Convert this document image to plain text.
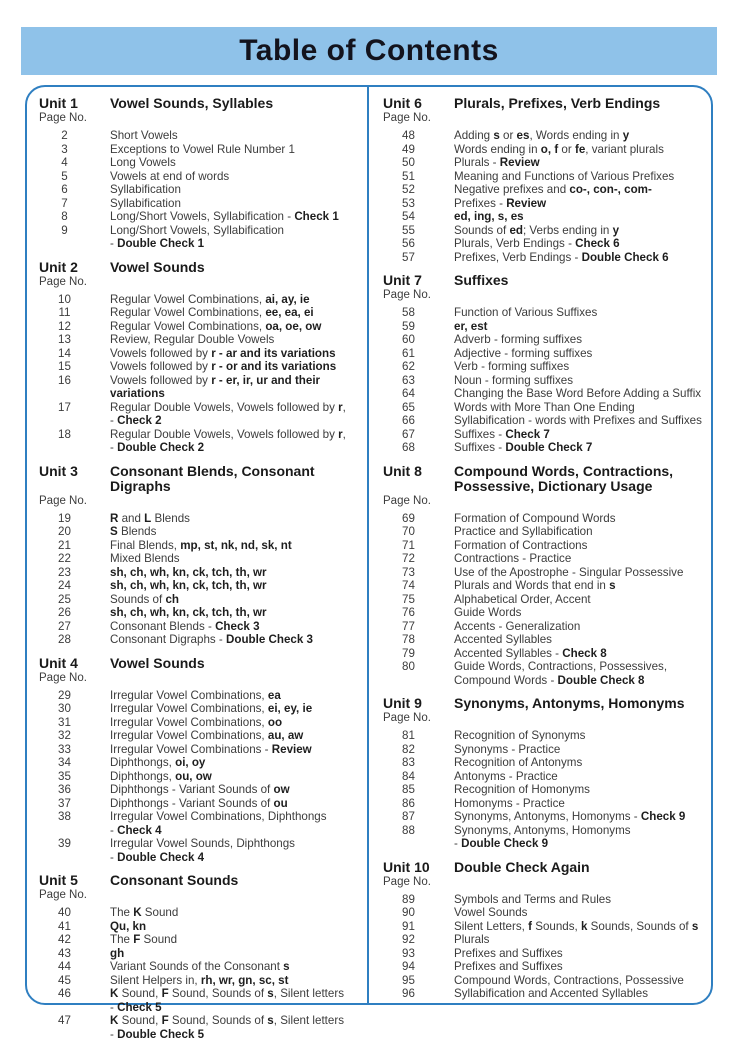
Table of Contents
Unit 1	Vowel Sounds, Syllables
Page No.
2	Short Vowels
3	Exceptions to Vowel Rule Number 1
4	Long Vowels
5	Vowels at end of words
6	Syllabification
7	Syllabification
8	Long/Short Vowels, Syllabification - Check 1
9	Long/Short Vowels, Syllabification
- Double Check 1
Unit 2	Vowel Sounds
Page No.
10	Regular Vowel Combinations, ai, ay, ie
11	Regular Vowel Combinations, ee, ea, ei
12	Regular Vowel Combinations, oa, oe, ow
13	Review, Regular Double Vowels
14	Vowels followed by r - ar and its variations
15	Vowels followed by r - or and its variations
16	Vowels followed by r - er, ir, ur and their
variations
17	Regular Double Vowels, Vowels followed by r,
- Check 2
18	Regular Double Vowels, Vowels followed by r,
- Double Check 2
Unit 3	Consonant Blends, Consonant Digraphs
Page No.
19	R and L Blends
20	S Blends
21	Final Blends, mp, st, nk, nd, sk, nt
22	Mixed Blends
23	sh, ch, wh, kn, ck, tch, th, wr
24	sh, ch, wh, kn, ck, tch, th, wr
25	Sounds of ch
26	sh, ch, wh, kn, ck, tch, th, wr
27	Consonant Blends - Check 3
28	Consonant Digraphs - Double Check 3
Unit 4	Vowel Sounds
Page No.
29	Irregular Vowel Combinations, ea
30	Irregular Vowel Combinations, ei, ey, ie
31	Irregular Vowel Combinations, oo
32	Irregular Vowel Combinations, au, aw
33	Irregular Vowel Combinations - Review
34	Diphthongs, oi, oy
35	Diphthongs, ou, ow
36	Diphthongs - Variant Sounds of ow
37	Diphthongs - Variant Sounds of ou
38	Irregular Vowel Combinations, Diphthongs
- Check 4
39	Irregular Vowel Sounds, Diphthongs
- Double Check 4
Unit 5	Consonant Sounds
Page No.
40	The K Sound
41	Qu, kn
42	The F Sound
43	gh
44	Variant Sounds of the Consonant s
45	Silent Helpers in, rh, wr, gn, sc, st
46	K Sound, F Sound, Sounds of s, Silent letters
- Check 5
47	K Sound, F Sound, Sounds of s, Silent letters
- Double Check 5
Unit 6	Plurals, Prefixes, Verb Endings
Page No.
48	Adding s or es, Words ending in y
49	Words ending in o, f or fe, variant plurals
50	Plurals - Review
51	Meaning and Functions of Various Prefixes
52	Negative prefixes and co-, con-, com-
53	Prefixes - Review
54	ed, ing, s, es
55	Sounds of ed; Verbs ending in y
56	Plurals, Verb Endings - Check 6
57	Prefixes, Verb Endings - Double Check 6
Unit 7	Suffixes
Page No.
58	Function of Various Suffixes
59	er, est
60	Adverb - forming suffixes
61	Adjective - forming suffixes
62	Verb - forming suffixes
63	Noun - forming suffixes
64	Changing the Base Word Before Adding a Suffix
65	Words with More Than One Ending
66	Syllabification - words with Prefixes and Suffixes
67	Suffixes - Check 7
68	Suffixes - Double Check 7
Unit 8	Compound Words, Contractions,
Possessive, Dictionary Usage
Page No.
69	Formation of Compound Words
70	Practice and Syllabification
71	Formation of Contractions
72	Contractions - Practice
73	Use of the Apostrophe - Singular Possessive
74	Plurals and Words that end in s
75	Alphabetical Order, Accent
76	Guide Words
77	Accents - Generalization
78	Accented Syllables
79	Accented Syllables - Check 8
80	Guide Words, Contractions, Possessives,
Compound Words - Double Check 8
Unit 9	Synonyms, Antonyms, Homonyms
Page No.
81	Recognition of Synonyms
82	Synonyms - Practice
83	Recognition of Antonyms
84	Antonyms - Practice
85	Recognition of Homonyms
86	Homonyms - Practice
87	Synonyms, Antonyms, Homonyms - Check 9
88	Synonyms, Antonyms, Homonyms
- Double Check 9
Unit 10	Double Check Again
Page No.
89	Symbols and Terms and Rules
90	Vowel Sounds
91	Silent Letters, f Sounds, k Sounds, Sounds of s
92	Plurals
93	Prefixes and Suffixes
94	Prefixes and Suffixes
95	Compound Words, Contractions, Possessive
96	Syllabification and Accented Syllables
